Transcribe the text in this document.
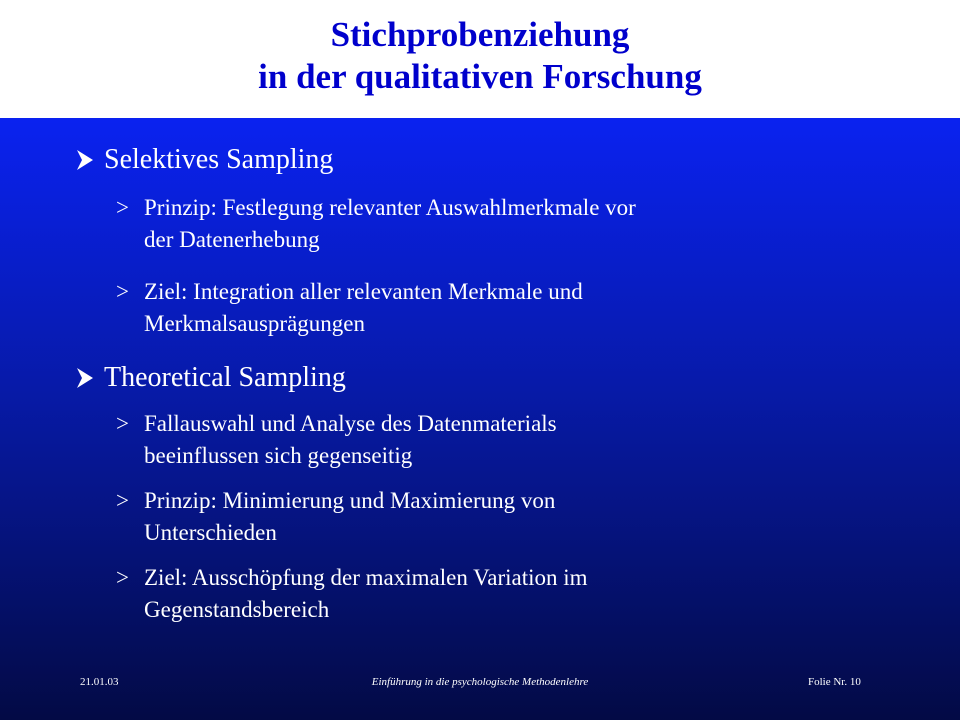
Stichprobenziehung
in der qualitativen Forschung
Selektives Sampling
> Prinzip: Festlegung relevanter Auswahlmerkmale vor
der Datenerhebung
> Ziel: Integration aller relevanten Merkmale und
Merkmalsausprägungen
Theoretical Sampling
> Fallauswahl und Analyse des Datenmaterials
beeinflussen sich gegenseitig
> Prinzip: Minimierung und Maximierung von
Unterschieden
> Ziel: Ausschöpfung der maximalen Variation im
Gegenstandsbereich
21.01.03	Einführung in die psychologische Methodenlehre	Folie Nr. 10
